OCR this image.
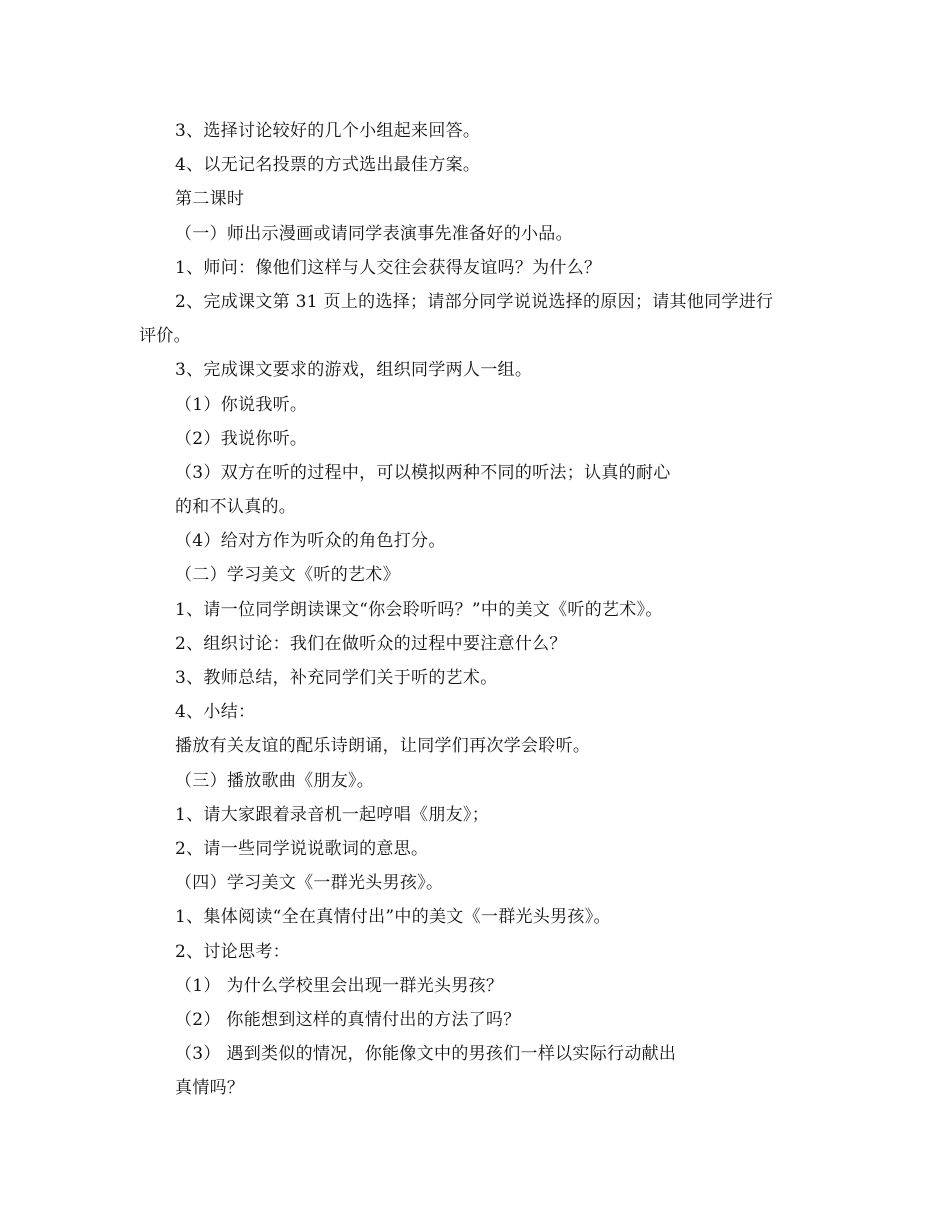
3、选择讨论较好的几个小组起来回答。
4、以无记名投票的方式选出最佳方案。
第二课时
（一）师出示漫画或请同学表演事先准备好的小品。
1、师问：像他们这样与人交往会获得友谊吗？为什么？
2、完成课文第 31 页上的选择；请部分同学说说选择的原因；请其他同学进行
评价。
3、完成课文要求的游戏，组织同学两人一组。
（1）你说我听。
（2）我说你听。
（3）双方在听的过程中，可以模拟两种不同的听法；认真的耐心
的和不认真的。
（4）给对方作为听众的角色打分。
（二）学习美文《听的艺术》
1、请一位同学朗读课文“你会聆听吗？”中的美文《听的艺术》。
2、组织讨论：我们在做听众的过程中要注意什么？
3、教师总结，补充同学们关于听的艺术。
4、小结：
播放有关友谊的配乐诗朗诵，让同学们再次学会聆听。
（三）播放歌曲《朋友》。
1、请大家跟着录音机一起哼唱《朋友》；
2、请一些同学说说歌词的意思。
（四）学习美文《一群光头男孩》。
1、集体阅读“全在真情付出”中的美文《一群光头男孩》。
2、讨论思考：
（1） 为什么学校里会出现一群光头男孩？
（2） 你能想到这样的真情付出的方法了吗？
（3） 遇到类似的情况，你能像文中的男孩们一样以实际行动献出
真情吗？
